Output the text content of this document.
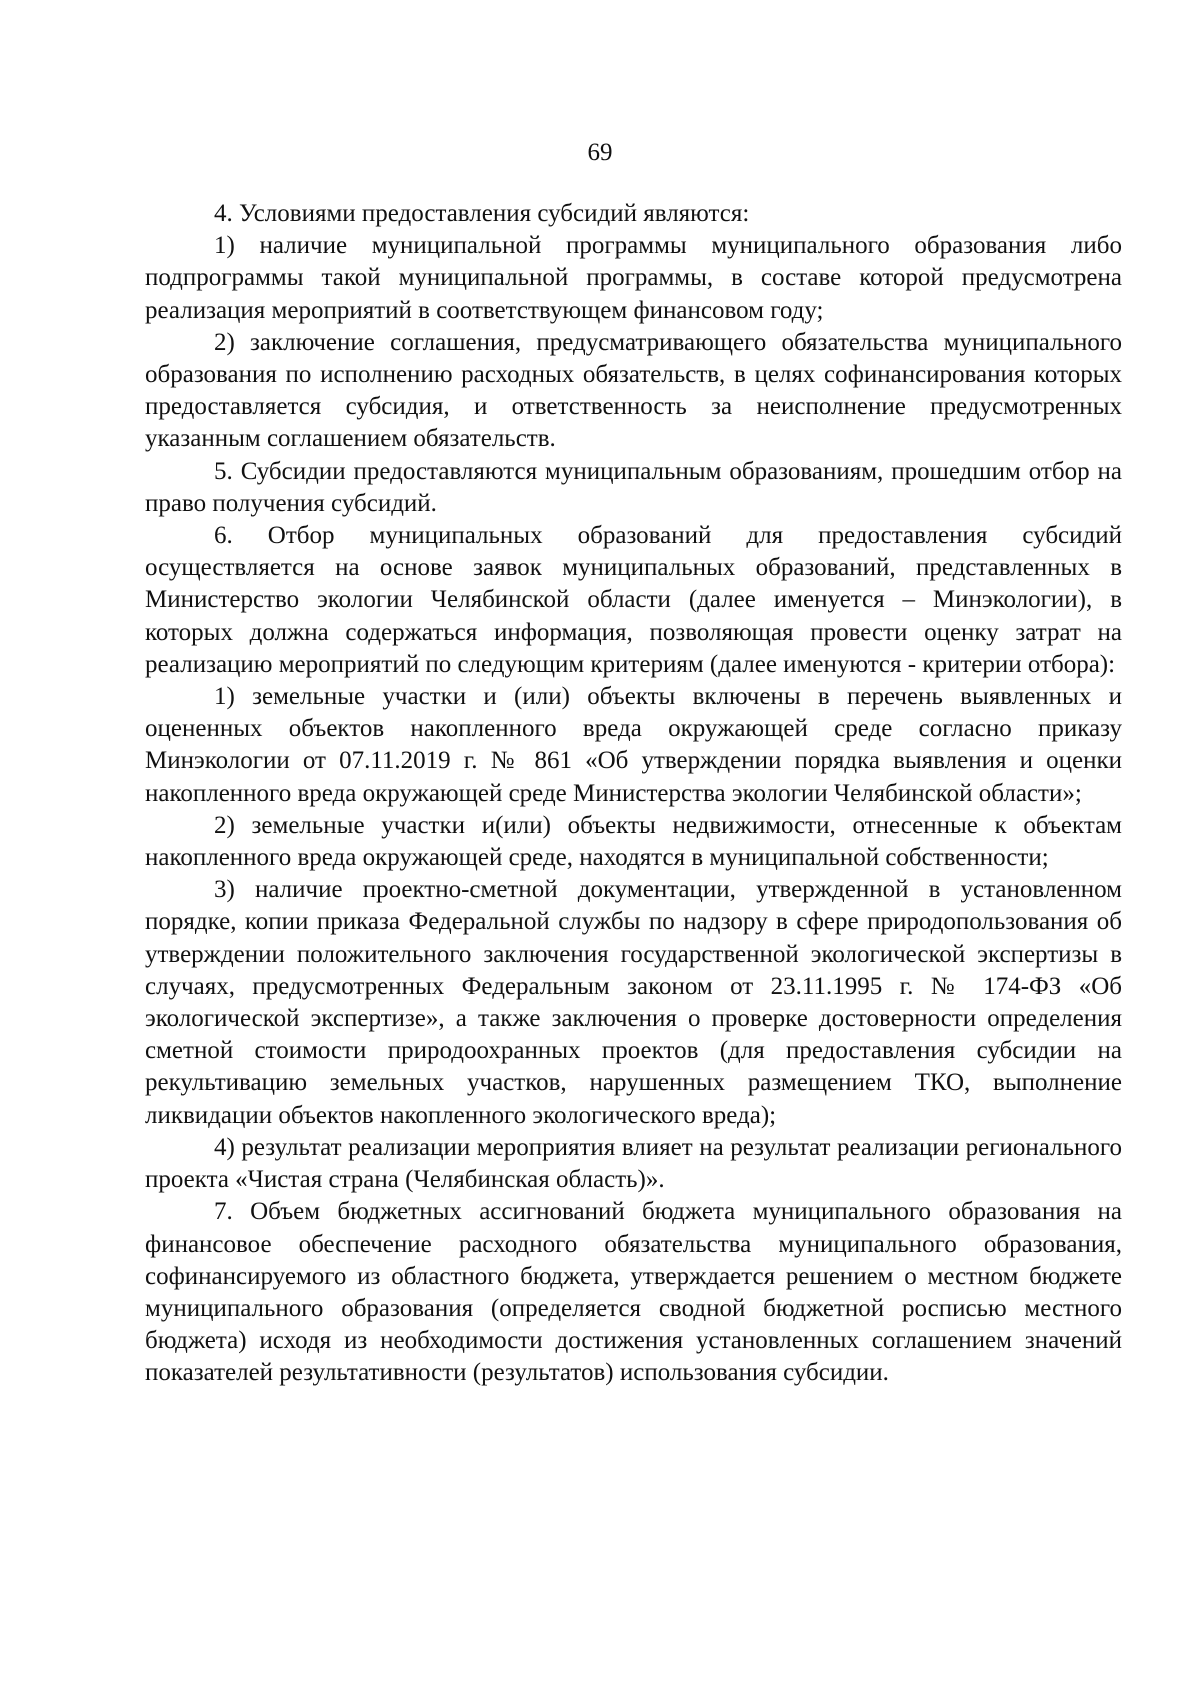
69

4. Условиями предоставления субсидий являются:

1) наличие муниципальной программы муниципального образования либо подпрограммы такой муниципальной программы, в составе которой предусмотрена реализация мероприятий в соответствующем финансовом году;

2) заключение соглашения, предусматривающего обязательства муниципального образования по исполнению расходных обязательств, в целях софинансирования которых предоставляется субсидия, и ответственность за неисполнение предусмотренных указанным соглашением обязательств.

5. Субсидии предоставляются муниципальным образованиям, прошедшим отбор на право получения субсидий.

6. Отбор муниципальных образований для предоставления субсидий осуществляется на основе заявок муниципальных образований, представленных в Министерство экологии Челябинской области (далее именуется – Минэкологии), в которых должна содержаться информация, позволяющая провести оценку затрат на реализацию мероприятий по следующим критериям (далее именуются - критерии отбора):

1) земельные участки и (или) объекты включены в перечень выявленных и оцененных объектов накопленного вреда окружающей среде согласно приказу Минэкологии от 07.11.2019 г. № 861 «Об утверждении порядка выявления и оценки накопленного вреда окружающей среде Министерства экологии Челябинской области»;

2) земельные участки и(или) объекты недвижимости, отнесенные к объектам накопленного вреда окружающей среде, находятся в муниципальной собственности;

3) наличие проектно-сметной документации, утвержденной в установленном порядке, копии приказа Федеральной службы по надзору в сфере природопользования об утверждении положительного заключения государственной экологической экспертизы в случаях, предусмотренных Федеральным законом от 23.11.1995 г. № 174-ФЗ «Об экологической экспертизе», а также заключения о проверке достоверности определения сметной стоимости природоохранных проектов (для предоставления субсидии на рекультивацию земельных участков, нарушенных размещением ТКО, выполнение ликвидации объектов накопленного экологического вреда);

4) результат реализации мероприятия влияет на результат реализации регионального проекта «Чистая страна (Челябинская область)».

7. Объем бюджетных ассигнований бюджета муниципального образования на финансовое обеспечение расходного обязательства муниципального образования, софинансируемого из областного бюджета, утверждается решением о местном бюджете муниципального образования (определяется сводной бюджетной росписью местного бюджета) исходя из необходимости достижения установленных соглашением значений показателей результативности (результатов) использования субсидии.
